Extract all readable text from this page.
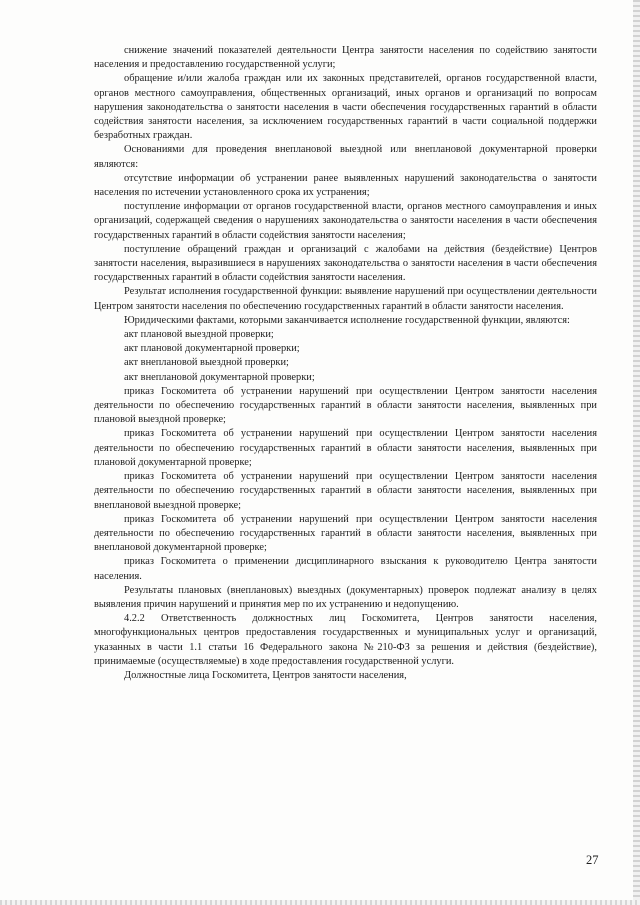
снижение значений показателей деятельности Центра занятости населения по содействию занятости населения и предоставлению государственной услуги;

обращение и/или жалоба граждан или их законных представителей, органов государственной власти, органов местного самоуправления, общественных организаций, иных органов и организаций по вопросам нарушения законодательства о занятости населения в части обеспечения государственных гарантий в области содействия занятости населения, за исключением государственных гарантий в части социальной поддержки безработных граждан.

Основаниями для проведения внеплановой выездной или внеплановой документарной проверки являются:

отсутствие информации об устранении ранее выявленных нарушений законодательства о занятости населения по истечении установленного срока их устранения;

поступление информации от органов государственной власти, органов местного самоуправления и иных организаций, содержащей сведения о нарушениях законодательства о занятости населения в части обеспечения государственных гарантий в области содействия занятости населения;

поступление обращений граждан и организаций с жалобами на действия (бездействие) Центров занятости населения, выразившиеся в нарушениях законодательства о занятости населения в части обеспечения государственных гарантий в области содействия занятости населения.

Результат исполнения государственной функции: выявление нарушений при осуществлении деятельности Центром занятости населения по обеспечению государственных гарантий в области занятости населения.

Юридическими фактами, которыми заканчивается исполнение государственной функции, являются:

акт плановой выездной проверки;

акт плановой документарной проверки;

акт внеплановой выездной проверки;

акт внеплановой документарной проверки;

приказ Госкомитета об устранении нарушений при осуществлении Центром занятости населения деятельности по обеспечению государственных гарантий в области занятости населения, выявленных при плановой выездной проверке;

приказ Госкомитета об устранении нарушений при осуществлении Центром занятости населения деятельности по обеспечению государственных гарантий в области занятости населения, выявленных при плановой документарной проверке;

приказ Госкомитета об устранении нарушений при осуществлении Центром занятости населения деятельности по обеспечению государственных гарантий в области занятости населения, выявленных при внеплановой выездной проверке;

приказ Госкомитета об устранении нарушений при осуществлении Центром занятости населения деятельности по обеспечению государственных гарантий в области занятости населения, выявленных при внеплановой документарной проверке;

приказ Госкомитета о применении дисциплинарного взыскания к руководителю Центра занятости населения.

Результаты плановых (внеплановых) выездных (документарных) проверок подлежат анализу в целях выявления причин нарушений и принятия мер по их устранению и недопущению.

4.2.2 Ответственность должностных лиц Госкомитета, Центров занятости населения, многофункциональных центров предоставления государственных и муниципальных услуг и организаций, указанных в части 1.1 статьи 16 Федерального закона №210-ФЗ за решения и действия (бездействие), принимаемые (осуществляемые) в ходе предоставления государственной услуги.

Должностные лица Госкомитета, Центров занятости населения,

27
